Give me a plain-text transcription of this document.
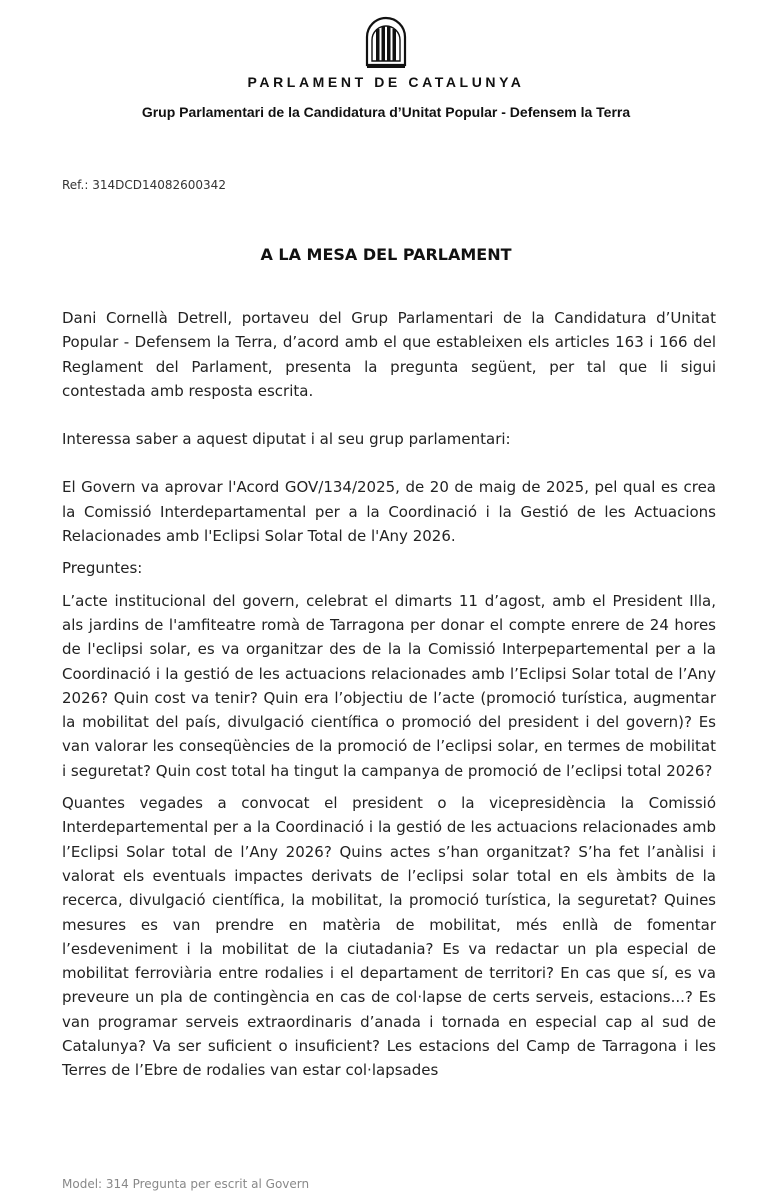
PARLAMENT DE CATALUNYA
Grup Parlamentari de la Candidatura d’Unitat Popular - Defensem la Terra
Ref.: 314DCD14082600342
A LA MESA DEL PARLAMENT

Dani Cornellà Detrell, portaveu del Grup Parlamentari de la Candidatura d’Unitat Popular - Defensem la Terra, d’acord amb el que estableixen els articles 163 i 166 del Reglament del Parlament, presenta la pregunta següent, per tal que li sigui contestada amb resposta escrita.

Interessa saber a aquest diputat i al seu grup parlamentari:

El Govern va aprovar l'Acord GOV/134/2025, de 20 de maig de 2025, pel qual es crea la Comissió Interdepartamental per a la Coordinació i la Gestió de les Actuacions Relacionades amb l'Eclipsi Solar Total de l'Any 2026.

Preguntes:

L’acte institucional del govern, celebrat el dimarts 11 d’agost, amb el President Illa, als jardins de l'amfiteatre romà de Tarragona per donar el compte enrere de 24 hores de l'eclipsi solar, es va organitzar des de la la Comissió Interpepartemental per a la Coordinació i la gestió de les actuacions relacionades amb l’Eclipsi Solar total de l’Any 2026? Quin cost va tenir? Quin era l’objectiu de l’acte (promoció turística, augmentar la mobilitat del país, divulgació científica o promoció del president i del govern)? Es van valorar les conseqüències de la promoció de l’eclipsi solar, en termes de mobilitat i seguretat? Quin cost total ha tingut la campanya de promoció de l’eclipsi total 2026?

Quantes vegades a convocat el president o la vicepresidència la Comissió Interdepartemental per a la Coordinació i la gestió de les actuacions relacionades amb l’Eclipsi Solar total de l’Any 2026? Quins actes s’han organitzat? S’ha fet l’anàlisi i valorat els eventuals impactes derivats de l’eclipsi solar total en els àmbits de la recerca, divulgació científica, la mobilitat, la promoció turística, la seguretat? Quines mesures es van prendre en matèria de mobilitat, més enllà de fomentar l’esdeveniment i la mobilitat de la ciutadania? Es va redactar un pla especial de mobilitat ferroviària entre rodalies i el departament de territori? En cas que sí, es va preveure un pla de contingència en cas de col·lapse de certs serveis, estacions...? Es van programar serveis extraordinaris d’anada i tornada en especial cap al sud de Catalunya? Va ser suficient o insuficient? Les estacions del Camp de Tarragona i les Terres de l’Ebre de rodalies van estar col·lapsades

Model: 314 Pregunta per escrit al Govern
